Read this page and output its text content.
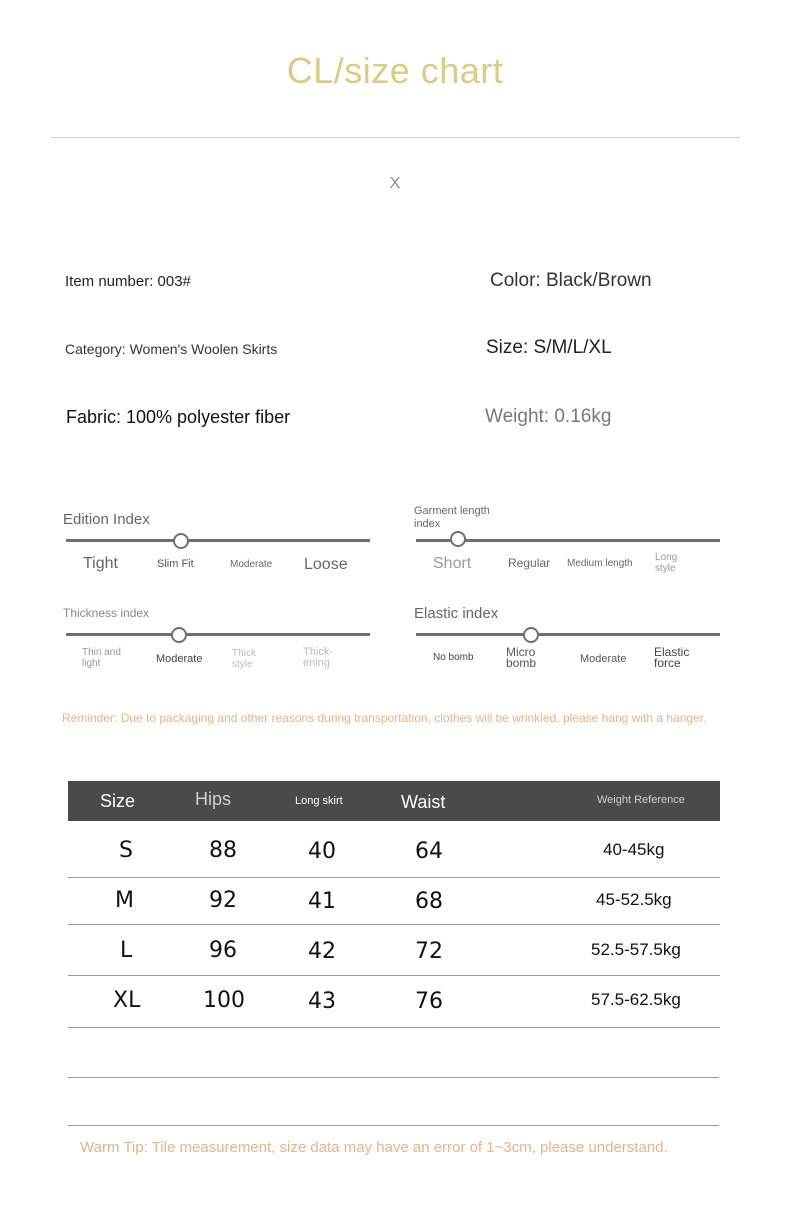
CL/size chart
X
Item number: 003#	Color: Black/Brown
Category: Women's Woolen Skirts	Size: S/M/L/XL
Fabric: 100% polyester fiber	Weight: 0.16kg
Edition Index
Tight	Slim Fit	Moderate Loose
Garment length
index
Short	Regular Medium length
Long
style
Thickness index
Thin and
light	Moderate	Thick
style
Thick-
ening
Elastic index
No bomb	Micro
bomb	Moderate Elastic
force
Reminder: Due to packaging and other reasons during transportation, clothes will be wrinkled, please hang with a hanger.
Size	Hips	Long skirt	Waist	Weight Reference
S	88	40	64	40-45kg
M	92	41	68	45-52.5kg
L	96	42	72	52.5-57.5kg
XL	100	43	76	57.5-62.5kg
Warm Tip: Tile measurement, size data may have an error of 1~3cm, please understand.
